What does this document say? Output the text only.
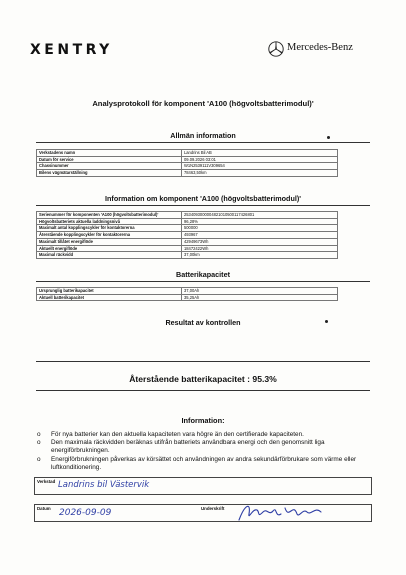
XENTRY	Mercedes-Benz
Analysprotokoll för komponent 'A100 (högvoltsbatterimodul)'
Allmän information
Verkstadens namn	Landrins Bil AB
Datum för service	09.09.2026 03:01
Chassinummer	W1N2539111V309654
Bilens vägmätarställning	78463,50km
Information om komponent 'A100 (högvoltsbatterimodul)'
Serienummer för komponenten 'A100 (högvoltsbatterimodul)'	2534093000004821010500117426801
Högvoltsbatteriets aktuella laddningsnivå	96,28%
Maximalt antal kopplingscykler för kontaktorerna	500000
Återstående kopplingscykler för kontaktorerna	493967
Maximalt tillåtet energiflöde	42949673Wh
Aktuellt energiflöde	18472422Wh
Maximal räckvidd	37,00km
Batterikapacitet
Ursprunglig batterikapacitet	37,00Ah
Aktuell batterikapacitet	35,25Ah
Resultat av kontrollen
Återstående batterikapacitet : 95.3%
Information:
o För nya batterier kan den aktuella kapaciteten vara högre än den certifierade kapaciteten.
o Den maximala räckvidden beräknas utifrån batteriets användbara energi och den genomsnitt liga energiförbrukningen.
o Energiförbrukningen påverkas av körsättet och användningen av andra sekundärförbrukare som värme eller luftkonditionering.
Verkstad Landrins bil Västervik
Datum 2026-09-09	Underskrift
